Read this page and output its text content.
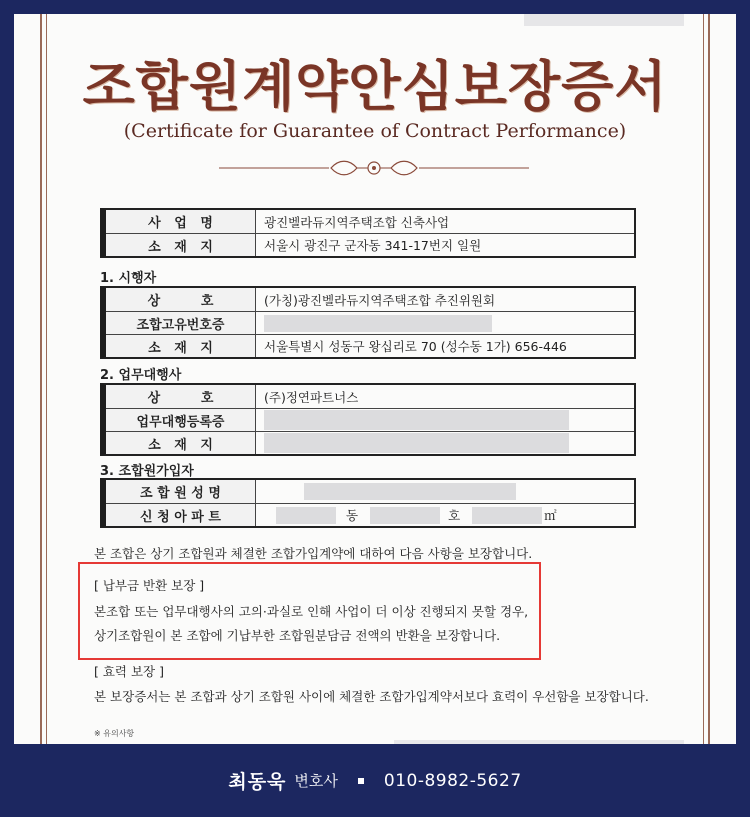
조합원계약안심보장증서
(Certificate for Guarantee of Contract Performance)
사   업   명	광진벨라듀지역주택조합 신축사업
소   재   지	서울시 광진구 군자동 341-17번지 일원
1. 시행자
상         호	(가칭)광진벨라듀지역주택조합 추진위원회
조합고유번호증
소   재   지	서울특별시 성동구 왕십리로 70 (성수동 1가) 656-446
2. 업무대행사
상         호	(주)정연파트너스
업무대행등록증
소   재   지
3. 조합원가입자
조 합 원 성 명
신 청 아 파 트	동	호	㎡
본 조합은 상기 조합원과 체결한 조합가입계약에 대하여 다음 사항을 보장합니다.
[ 납부금 반환 보장 ]
본조합 또는 업무대행사의 고의·과실로 인해 사업이 더 이상 진행되지 못할 경우,
상기조합원이 본 조합에 기납부한 조합원분담금 전액의 반환을 보장합니다.
[ 효력 보장 ]
본 보장증서는 본 조합과 상기 조합원 사이에 체결한 조합가입계약서보다 효력이 우선함을 보장합니다.
※ 유의사항
최동욱 변호사	010-8982-5627
